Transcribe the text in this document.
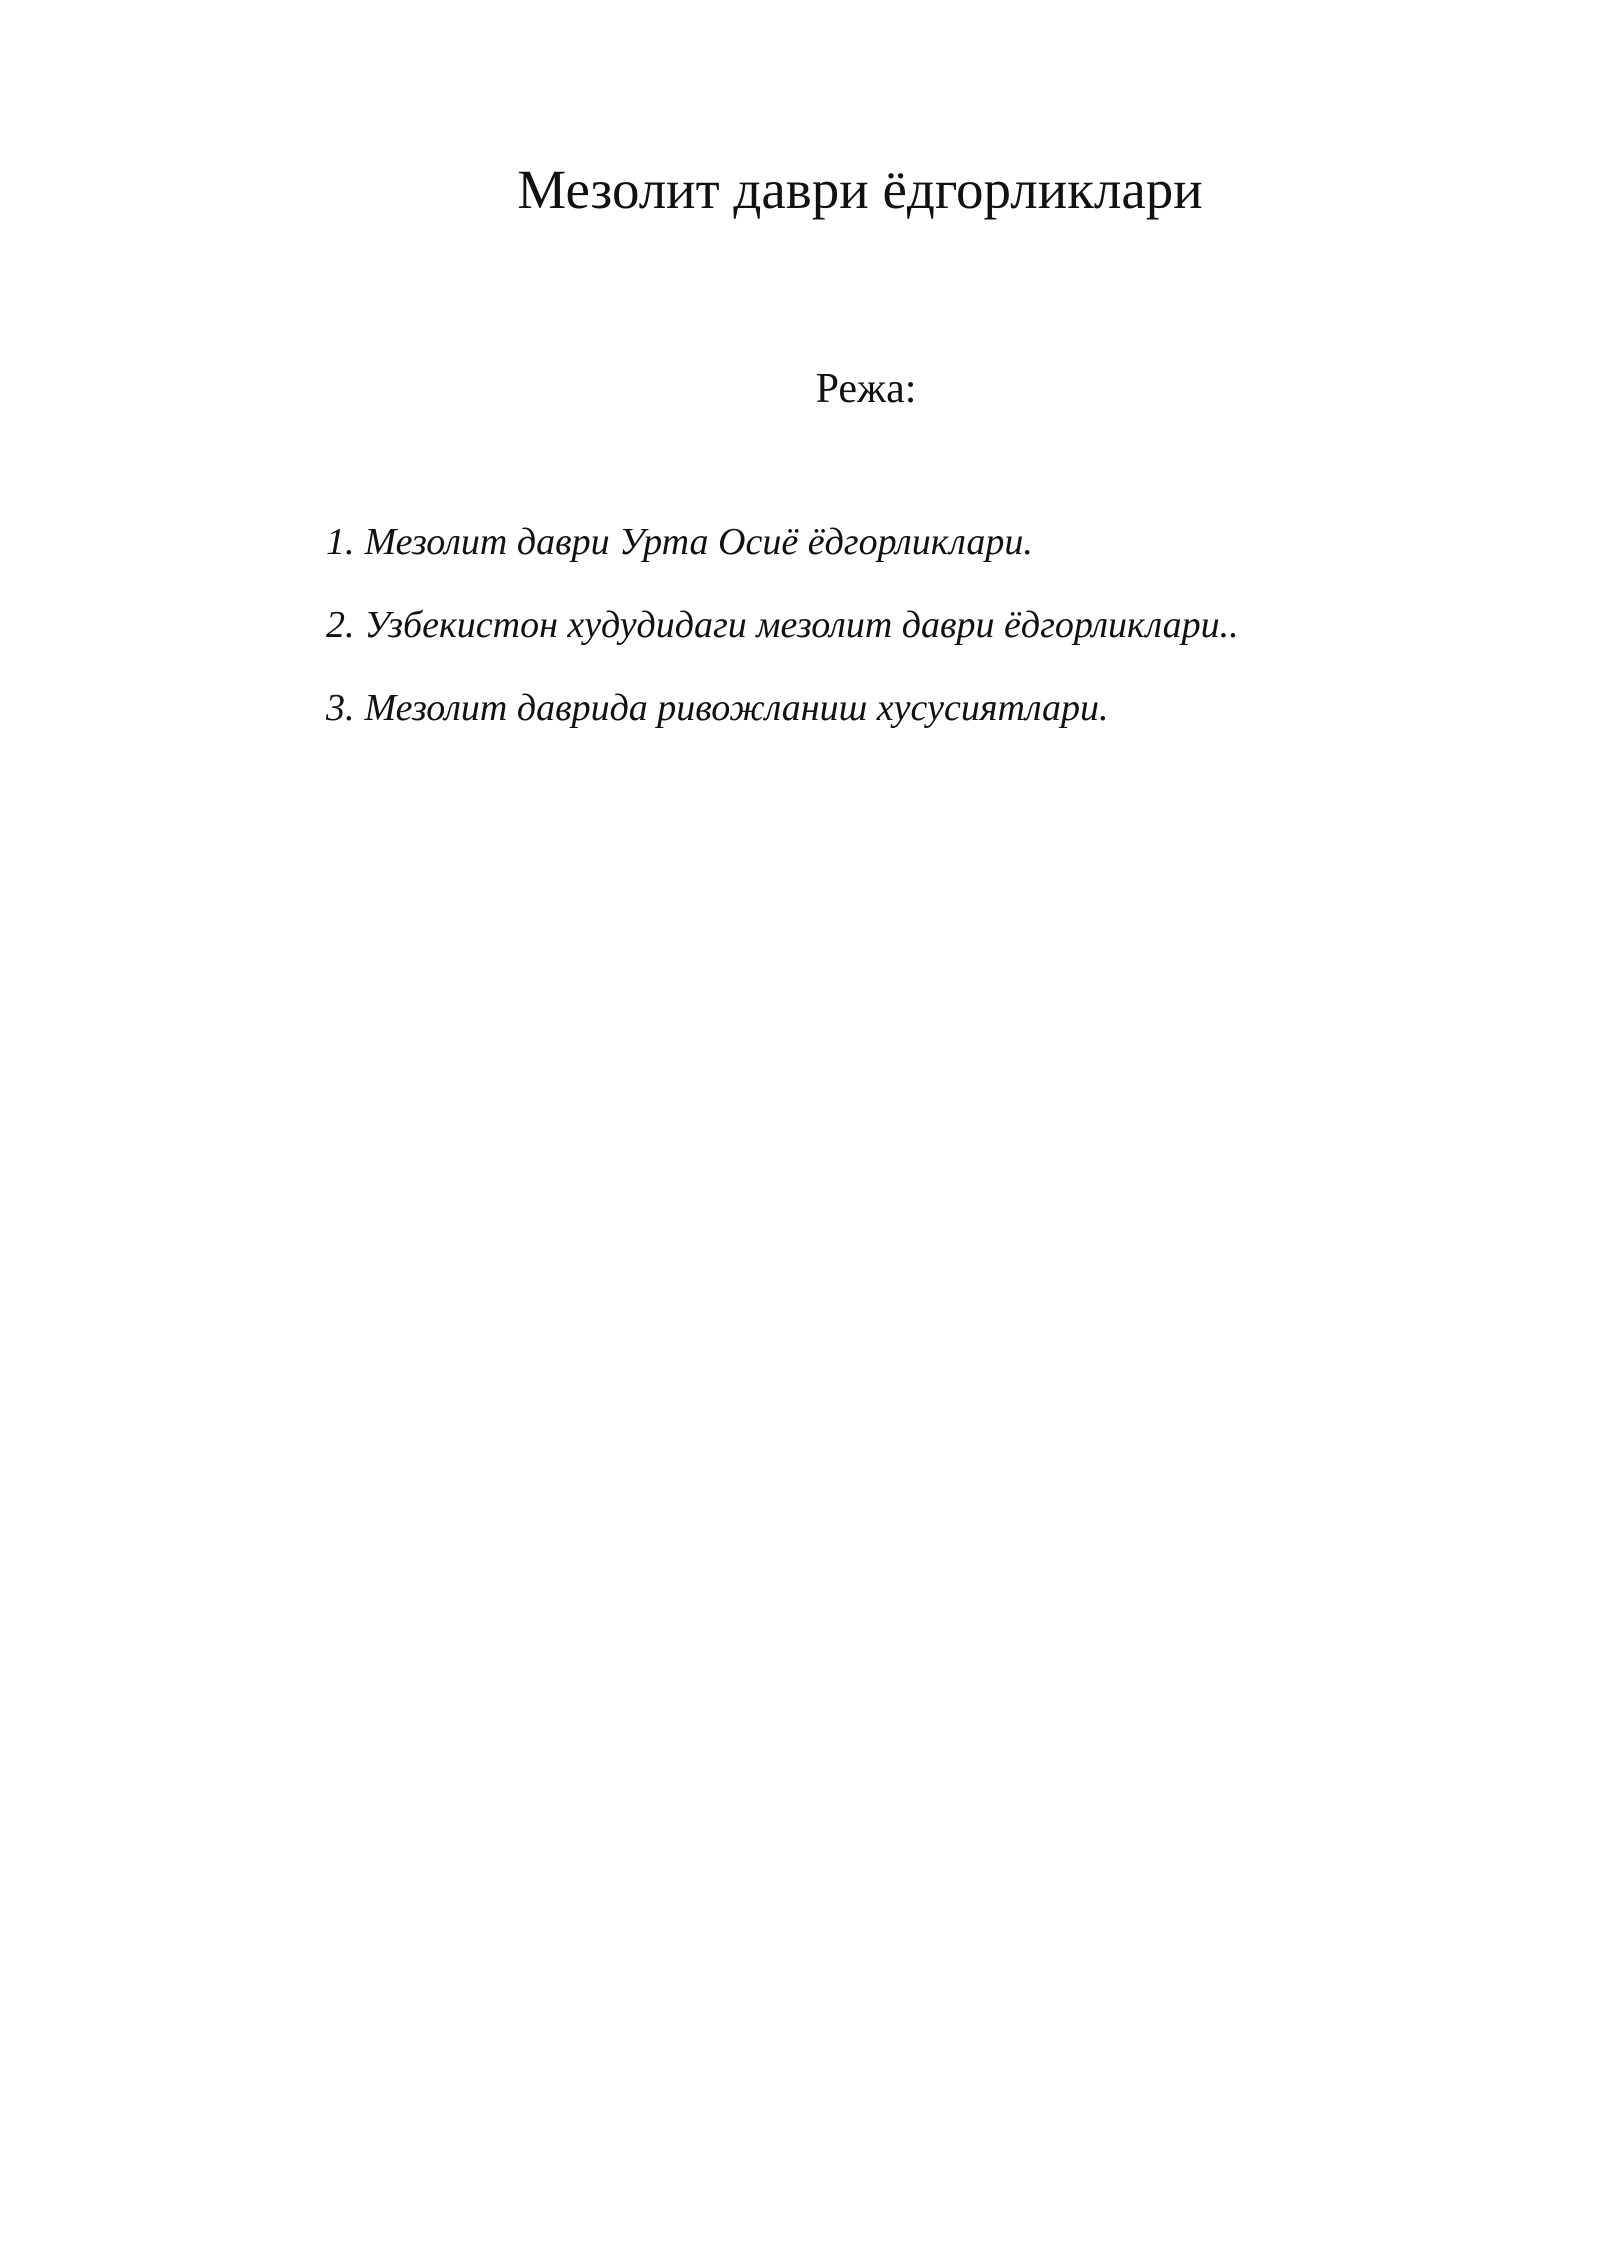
Мезолит даври ёдгорликлари

Режа:

1. Мезолит даври Урта Осиё ёдгорликлари.
2. Узбекистон худудидаги мезолит даври ёдгорликлари..
3. Мезолит даврида ривожланиш хусусиятлари.
